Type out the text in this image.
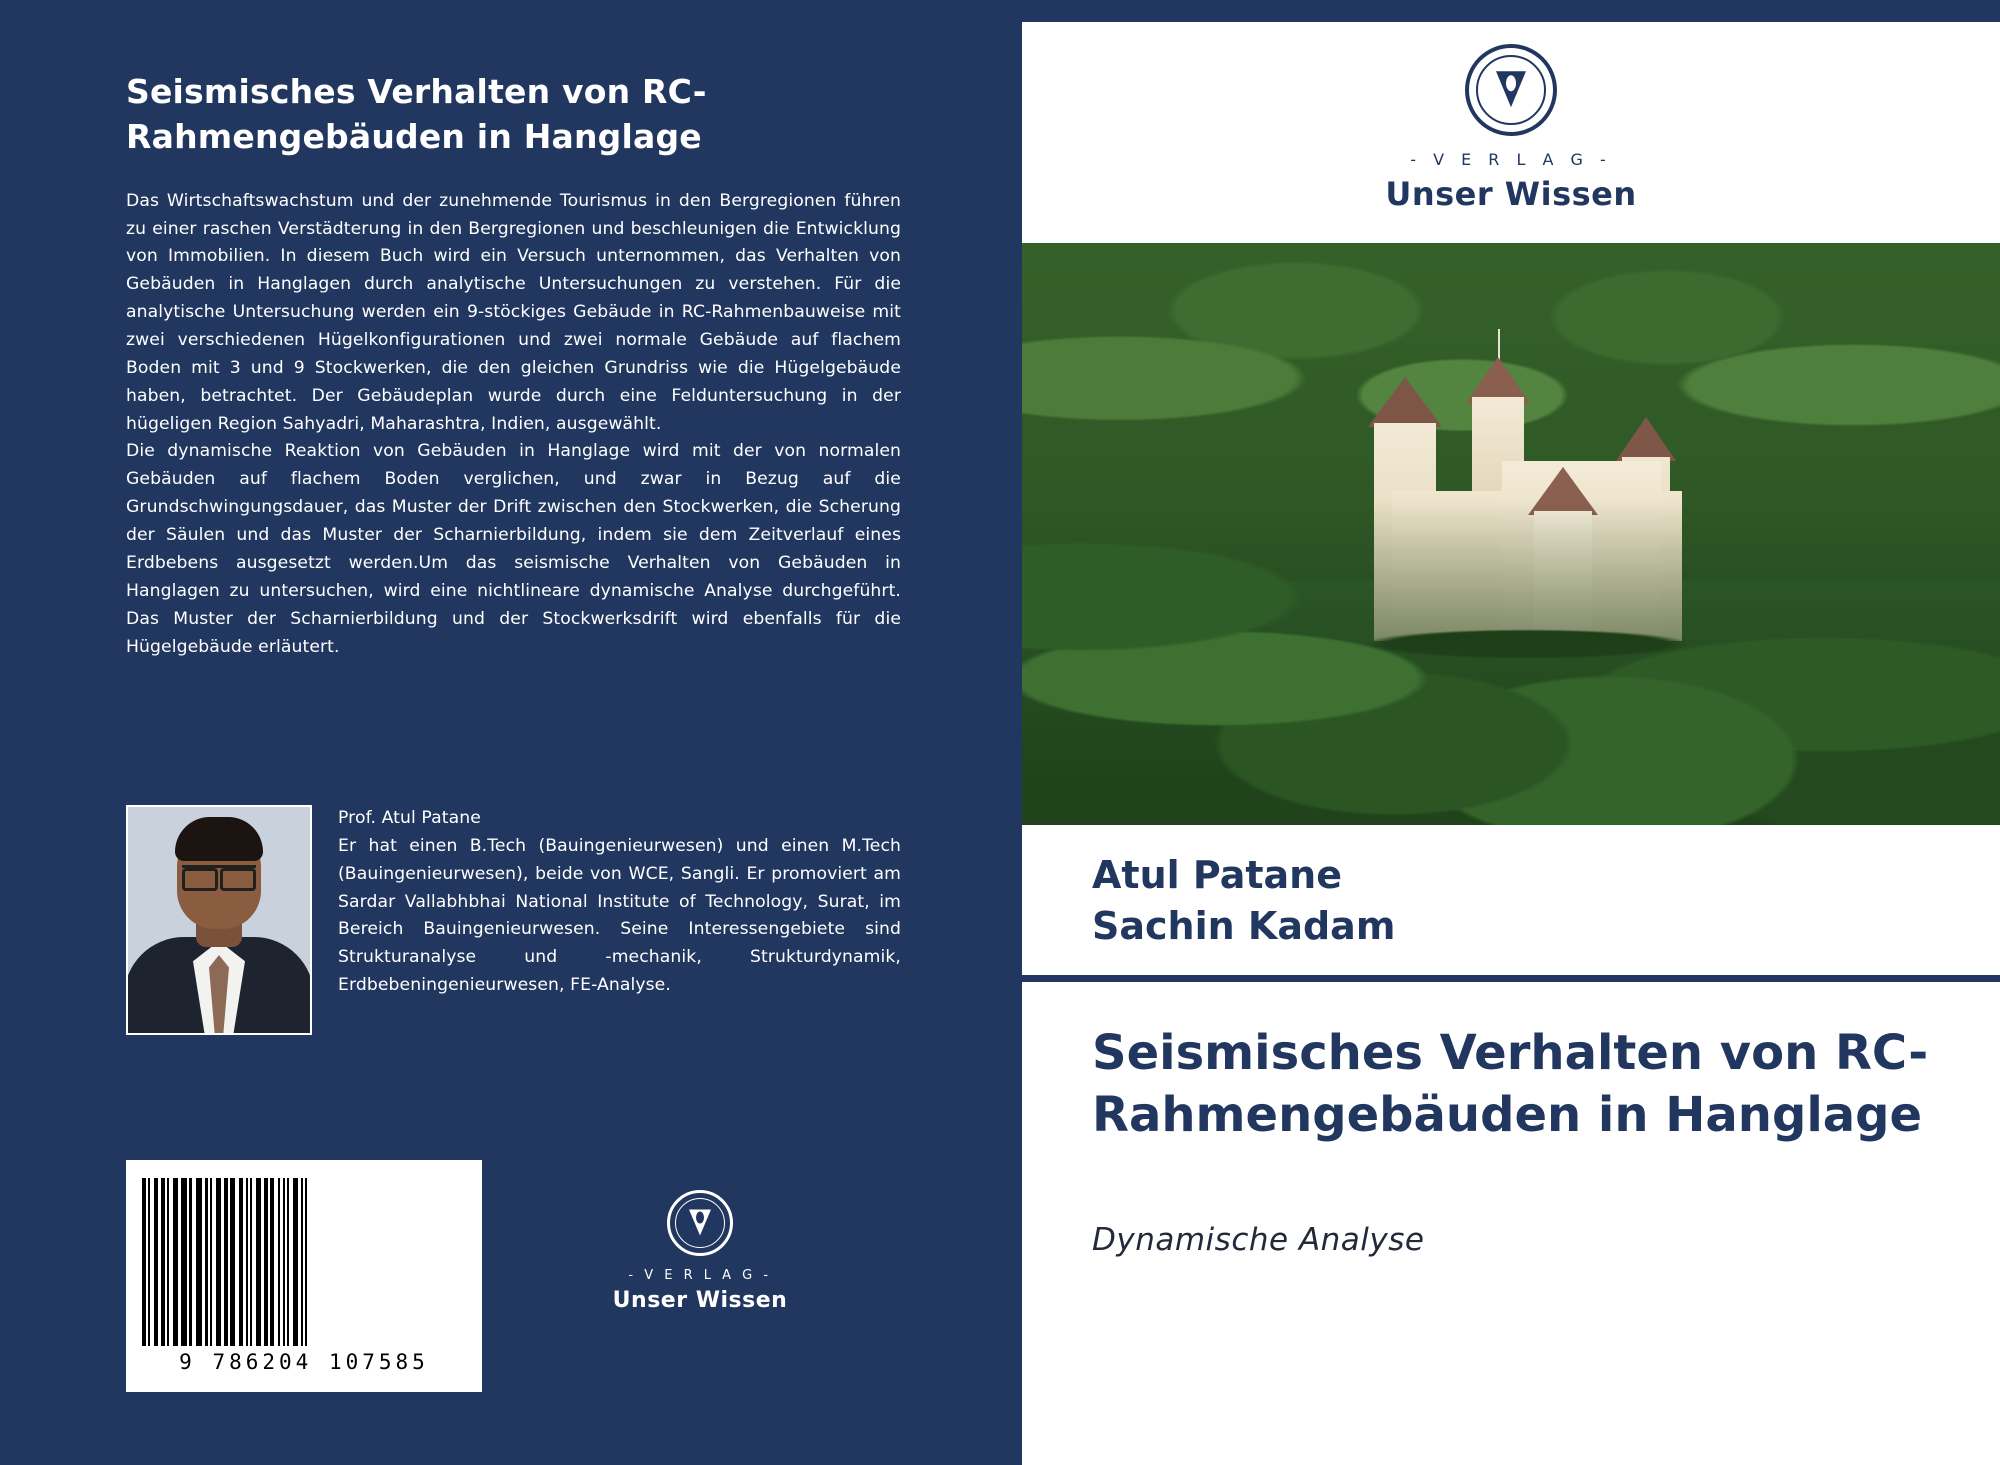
Seismisches Verhalten von RC-Rahmengebäuden in Hanglage

Das Wirtschaftswachstum und der zunehmende Tourismus in den Bergregionen führen zu einer raschen Verstädterung in den Bergregionen und beschleunigen die Entwicklung von Immobilien. In diesem Buch wird ein Versuch unternommen, das Verhalten von Gebäuden in Hanglagen durch analytische Untersuchungen zu verstehen. Für die analytische Untersuchung werden ein 9-stöckiges Gebäude in RC-Rahmenbauweise mit zwei verschiedenen Hügelkonfigurationen und zwei normale Gebäude auf flachem Boden mit 3 und 9 Stockwerken, die den gleichen Grundriss wie die Hügelgebäude haben, betrachtet. Der Gebäudeplan wurde durch eine Felduntersuchung in der hügeligen Region Sahyadri, Maharashtra, Indien, ausgewählt.

Die dynamische Reaktion von Gebäuden in Hanglage wird mit der von normalen Gebäuden auf flachem Boden verglichen, und zwar in Bezug auf die Grundschwingungsdauer, das Muster der Drift zwischen den Stockwerken, die Scherung der Säulen und das Muster der Scharnierbildung, indem sie dem Zeitverlauf eines Erdbebens ausgesetzt werden.Um das seismische Verhalten von Gebäuden in Hanglagen zu untersuchen, wird eine nichtlineare dynamische Analyse durchgeführt. Das Muster der Scharnierbildung und der Stockwerksdrift wird ebenfalls für die Hügelgebäude erläutert.

Prof. Atul Patane
Er hat einen B.Tech (Bauingenieurwesen) und einen M.Tech (Bauingenieurwesen), beide von WCE, Sangli. Er promoviert am Sardar Vallabhbhai National Institute of Technology, Surat, im Bereich Bauingenieurwesen. Seine Interessengebiete sind Strukturanalyse und -mechanik, Strukturdynamik, Erdbebeningenieurwesen, FE-Analyse.
9 786204 107585
- V E R L A G -
Unser Wissen
- V E R L A G -
Unser Wissen
Atul Patane
Sachin Kadam
Seismisches Verhalten von RC-Rahmengebäuden in Hanglage
Dynamische Analyse
